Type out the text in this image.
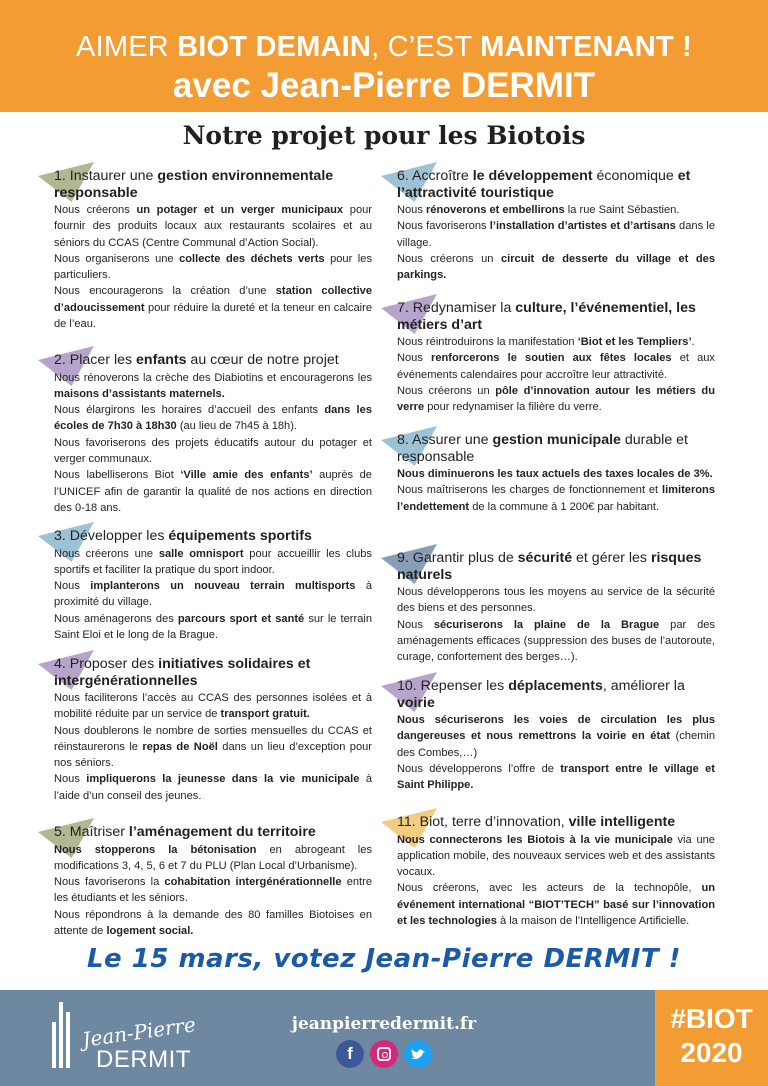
AIMER BIOT DEMAIN, C’EST MAINTENANT !
avec Jean-Pierre DERMIT
Notre projet pour les Biotois
1. Instaurer une gestion environnementale responsable

Nous créerons un potager et un verger municipaux pour fournir des produits locaux aux restaurants scolaires et au séniors du CCAS (Centre Communal d’Action Social).

Nous organiserons une collecte des déchets verts pour les particuliers.

Nous encouragerons la création d’une station collective d’adoucissement pour réduire la dureté et la teneur en calcaire de l’eau.

2. Placer les enfants au cœur de notre projet

Nous rénoverons la crèche des Diabiotins et encouragerons les maisons d’assistants maternels.

Nous élargirons les horaires d’accueil des enfants dans les écoles de 7h30 à 18h30 (au lieu de 7h45 à 18h).

Nous favoriserons des projets éducatifs autour du potager et verger communaux.

Nous labelliserons Biot ‘Ville amie des enfants’ auprès de l’UNICEF afin de garantir la qualité de nos actions en direction des 0-18 ans.

3. Développer les équipements sportifs

Nous créerons une salle omnisport pour accueillir les clubs sportifs et faciliter la pratique du sport indoor.

Nous implanterons un nouveau terrain multisports à proximité du village.

Nous aménagerons des parcours sport et santé sur le terrain Saint Eloi et le long de la Brague.

4. Proposer des initiatives solidaires et intergénérationnelles

Nous faciliterons l’accès au CCAS des personnes isolées et à mobilité réduite par un service de transport gratuit.

Nous doublerons le nombre de sorties mensuelles du CCAS et réinstaurerons le repas de Noël dans un lieu d’exception pour nos séniors.

Nous impliquerons la jeunesse dans la vie municipale à l’aide d’un conseil des jeunes.

5. Maîtriser l’aménagement du territoire

Nous stopperons la bétonisation en abrogeant les modifications 3, 4, 5, 6 et 7 du PLU (Plan Local d’Urbanisme).

Nous favoriserons la cohabitation intergénérationnelle entre les étudiants et les séniors.

Nous répondrons à la demande des 80 familles Biotoises en attente de logement social.

6. Accroître le développement économique et l’attractivité touristique

Nous rénoverons et embellirons la rue Saint Sébastien.

Nous favoriserons l’installation d’artistes et d’artisans dans le village.

Nous créerons un circuit de desserte du village et des parkings.

7. Redynamiser la culture, l’événementiel, les métiers d’art

Nous réintroduirons la manifestation ‘Biot et les Templiers’.

Nous renforcerons le soutien aux fêtes locales et aux événements calendaires pour accroître leur attractivité.

Nous créerons un pôle d’innovation autour les métiers du verre pour redynamiser la filière du verre.

8. Assurer une gestion municipale durable et responsable

Nous diminuerons les taux actuels des taxes locales de 3%.

Nous maîtriserons les charges de fonctionnement et limiterons l’endettement de la commune à 1 200€ par habitant.

9. Garantir plus de sécurité et gérer les risques naturels

Nous développerons tous les moyens au service de la sécurité des biens et des personnes.

Nous sécuriserons la plaine de la Brague par des aménagements efficaces (suppression des buses de l’autoroute, curage, confortement des berges…).

10. Repenser les déplacements, améliorer la voirie

Nous sécuriserons les voies de circulation les plus dangereuses et nous remettrons la voirie en état (chemin des Combes,…)

Nous développerons l’offre de transport entre le village et Saint Philippe.

11. Biot, terre d’innovation, ville intelligente

Nous connecterons les Biotois à la vie municipale via une application mobile, des nouveaux services web et des assistants vocaux.

Nous créerons, avec les acteurs de la technopôle, un événement international “BIOT’TECH” basé sur l’innovation et les technologies à la maison de l’Intelligence Artificielle.

Le 15 mars, votez Jean-Pierre DERMIT !
Jean-Pierre
DERMIT
jeanpierredermit.fr
f
#BIOT
2020
